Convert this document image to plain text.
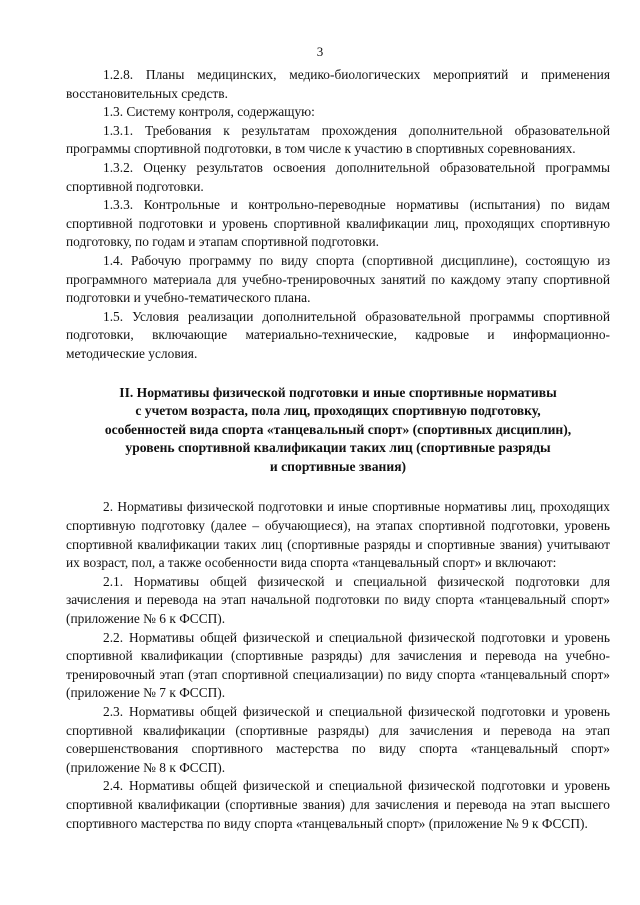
3

1.2.8. Планы медицинских, медико-биологических мероприятий и применения восстановительных средств.

1.3. Систему контроля, содержащую:

1.3.1. Требования к результатам прохождения дополнительной образовательной программы спортивной подготовки, в том числе к участию в спортивных соревнованиях.

1.3.2. Оценку результатов освоения дополнительной образовательной программы спортивной подготовки.

1.3.3. Контрольные и контрольно-переводные нормативы (испытания) по видам спортивной подготовки и уровень спортивной квалификации лиц, проходящих спортивную подготовку, по годам и этапам спортивной подготовки.

1.4. Рабочую программу по виду спорта (спортивной дисциплине), состоящую из программного материала для учебно-тренировочных занятий по каждому этапу спортивной подготовки и учебно-тематического плана.

1.5. Условия реализации дополнительной образовательной программы спортивной подготовки, включающие материально-технические, кадровые и информационно-методические условия.

II. Нормативы физической подготовки и иные спортивные нормативы
с учетом возраста, пола лиц, проходящих спортивную подготовку,
особенностей вида спорта «танцевальный спорт» (спортивных дисциплин),
уровень спортивной квалификации таких лиц (спортивные разряды
и спортивные звания)

2. Нормативы физической подготовки и иные спортивные нормативы лиц, проходящих спортивную подготовку (далее – обучающиеся), на этапах спортивной подготовки, уровень спортивной квалификации таких лиц (спортивные разряды и спортивные звания) учитывают их возраст, пол, а также особенности вида спорта «танцевальный спорт» и включают:

2.1. Нормативы общей физической и специальной физической подготовки для зачисления и перевода на этап начальной подготовки по виду спорта «танцевальный спорт» (приложение № 6 к ФССП).

2.2. Нормативы общей физической и специальной физической подготовки и уровень спортивной квалификации (спортивные разряды) для зачисления и перевода на учебно-тренировочный этап (этап спортивной специализации) по виду спорта «танцевальный спорт» (приложение № 7 к ФССП).

2.3. Нормативы общей физической и специальной физической подготовки и уровень спортивной квалификации (спортивные разряды) для зачисления и перевода на этап совершенствования спортивного мастерства по виду спорта «танцевальный спорт» (приложение № 8 к ФССП).

2.4. Нормативы общей физической и специальной физической подготовки и уровень спортивной квалификации (спортивные звания) для зачисления и перевода на этап высшего спортивного мастерства по виду спорта «танцевальный спорт» (приложение № 9 к ФССП).
